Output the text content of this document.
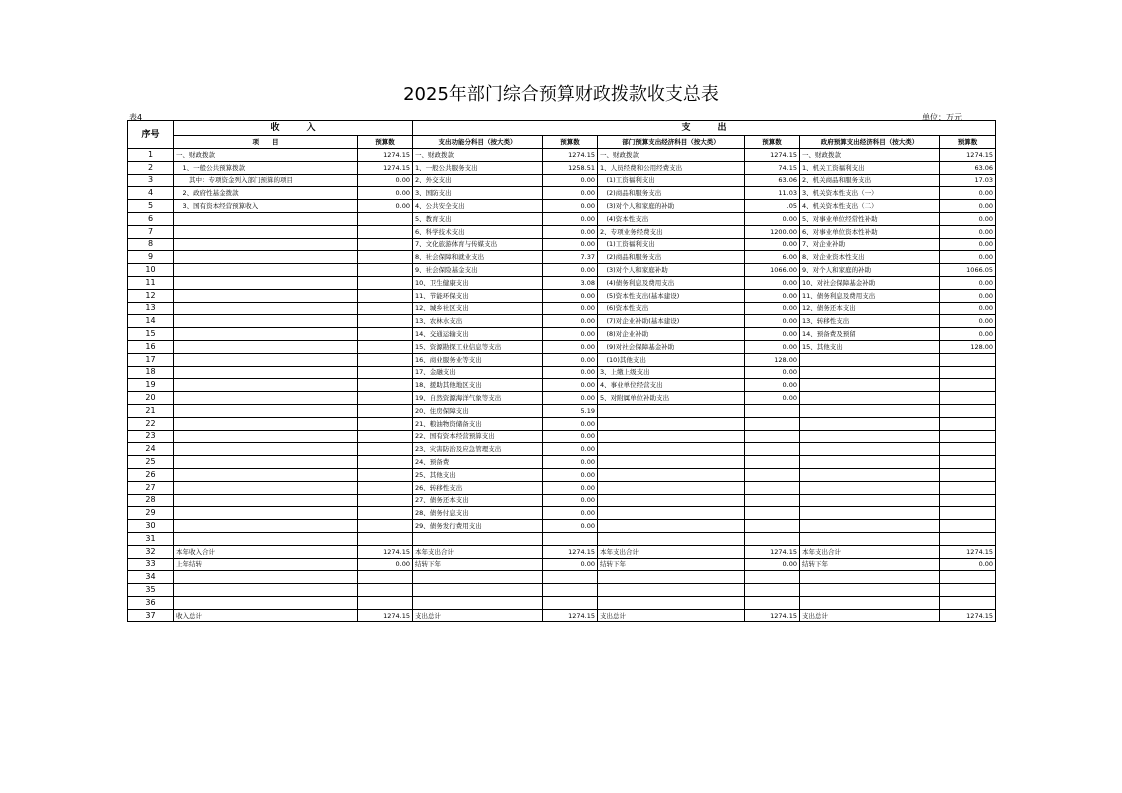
2025年部门综合预算财政拨款收支总表
表4	单位：万元
序号	收　　　入		支　　　出					
	项　　目	预算数	支出功能分科目（按大类）	预算数	部门预算支出经济科目（按大类）	预算数	政府预算支出经济科目（按大类）	预算数
1	一、财政拨款	1274.15	一、财政拨款	1274.15	一、财政拨款	1274.15	一、财政拨款	1274.15
2	　1、一般公共预算拨款	1274.15	1、一般公共服务支出	1258.51	1、人员经费和公用经费支出	74.15	1、机关工资福利支出	63.06
3	　　其中：专项资金列入部门预算的项目	0.00	2、外交支出	0.00	　(1)工资福利支出	63.06	2、机关商品和服务支出	17.03
4	　2、政府性基金拨款	0.00	3、国防支出	0.00	　(2)商品和服务支出	11.03	3、机关资本性支出（一）	0.00
5	　3、国有资本经营预算收入	0.00	4、公共安全支出	0.00	　(3)对个人和家庭的补助	.05	4、机关资本性支出（二）	0.00
6			5、教育支出	0.00	　(4)资本性支出	0.00	5、对事业单位经常性补助	0.00
7			6、科学技术支出	0.00	2、专项业务经费支出	1200.00	6、对事业单位资本性补助	0.00
8			7、文化旅游体育与传媒支出	0.00	　(1)工资福利支出	0.00	7、对企业补助	0.00
9			8、社会保障和就业支出	7.37	　(2)商品和服务支出	6.00	8、对企业资本性支出	0.00
10			9、社会保险基金支出	0.00	　(3)对个人和家庭补助	1066.00	9、对个人和家庭的补助	1066.05
11			10、卫生健康支出	3.08	　(4)债务利息及费用支出	0.00	10、对社会保障基金补助	0.00
12			11、节能环保支出	0.00	　(5)资本性支出(基本建设)	0.00	11、债务利息及费用支出	0.00
13			12、城乡社区支出	0.00	　(6)资本性支出	0.00	12、债务还本支出	0.00
14			13、农林水支出	0.00	　(7)对企业补助(基本建设)	0.00	13、转移性支出	0.00
15			14、交通运输支出	0.00	　(8)对企业补助	0.00	14、预备费及预留	0.00
16			15、资源勘探工业信息等支出	0.00	　(9)对社会保障基金补助	0.00	15、其他支出	128.00
17			16、商业服务业等支出	0.00	　(10)其他支出	128.00		
18			17、金融支出	0.00	3、上缴上级支出	0.00		
19			18、援助其他地区支出	0.00	4、事业单位经营支出	0.00		
20			19、自然资源海洋气象等支出	0.00	5、对附属单位补助支出	0.00		
21			20、住房保障支出	5.19				
22			21、粮油物资储备支出	0.00				
23			22、国有资本经营预算支出	0.00				
24			23、灾害防治及应急管理支出	0.00				
25			24、预备费	0.00				
26			25、其他支出	0.00				
27			26、转移性支出	0.00				
28			27、债务还本支出	0.00				
29			28、债务付息支出	0.00				
30			29、债务发行费用支出	0.00				
31								
32	本年收入合计	1274.15	本年支出合计	1274.15	本年支出合计	1274.15	本年支出合计	1274.15
33	上年结转	0.00	结转下年	0.00	结转下年	0.00	结转下年	0.00
34								
35								
36								
37	收入总计	1274.15	支出总计	1274.15	支出总计	1274.15	支出总计	1274.15
